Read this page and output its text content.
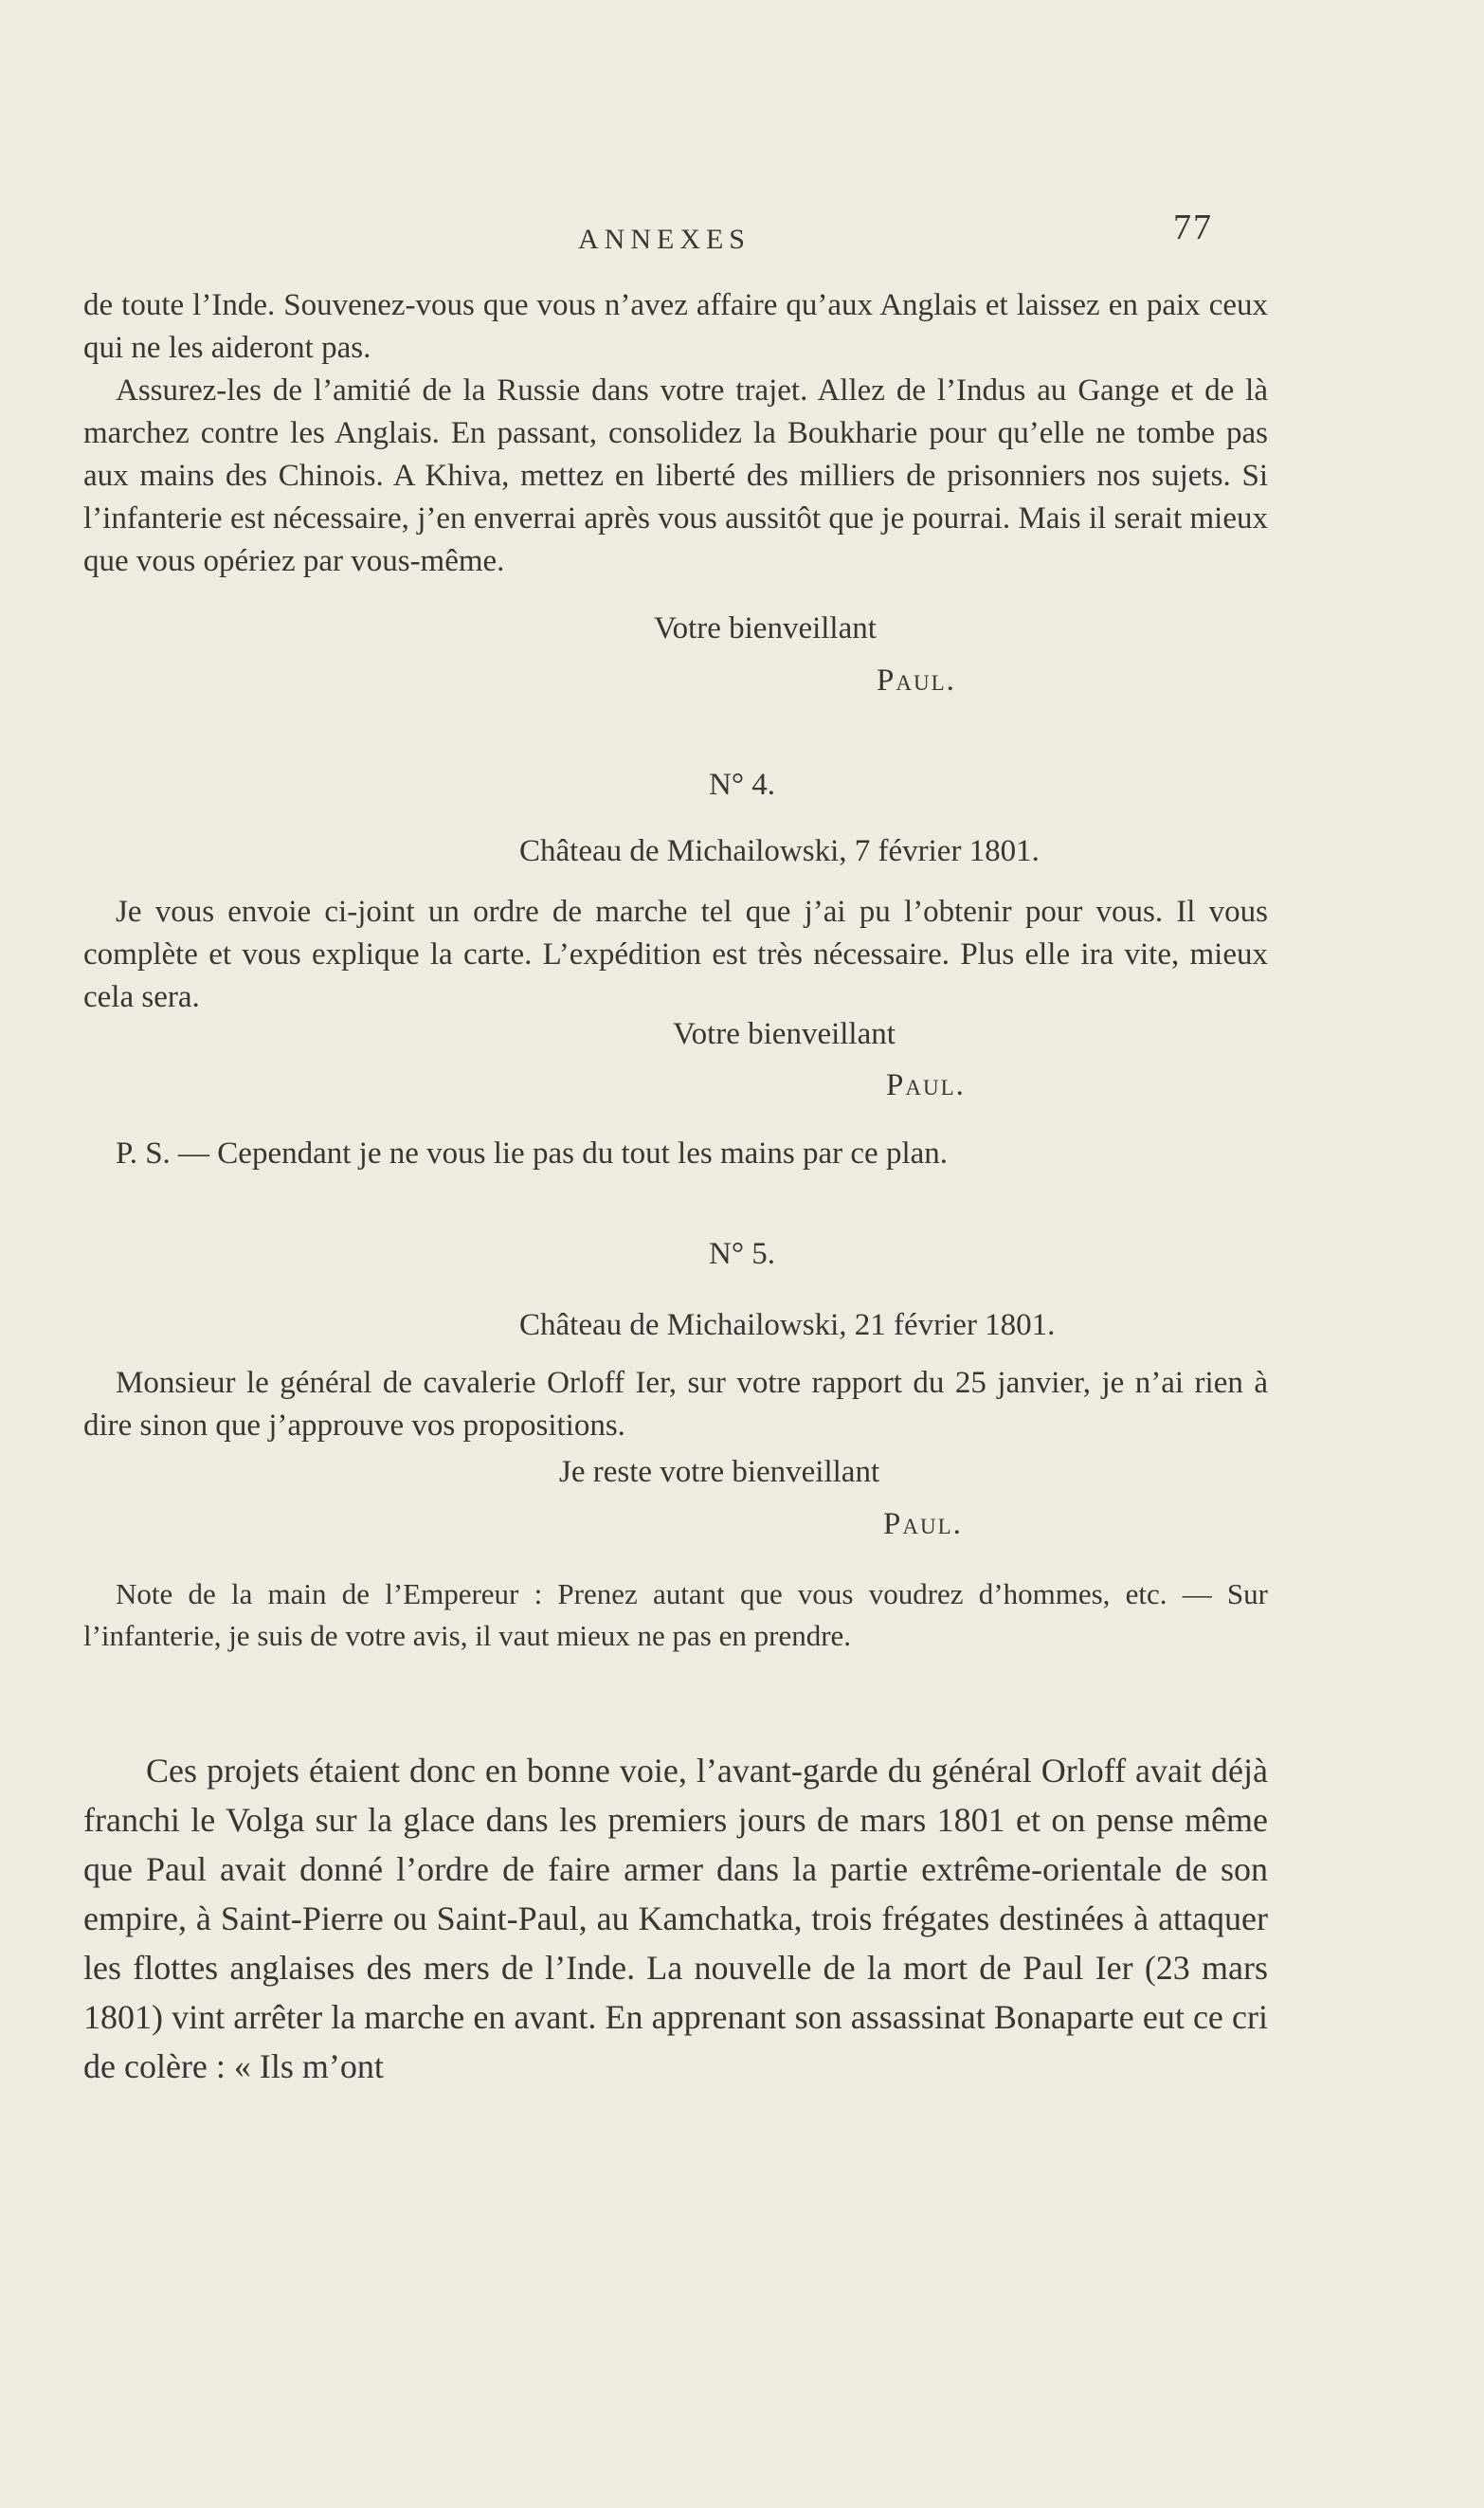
ANNEXES	77

de toute l’Inde. Souvenez-vous que vous n’avez affaire qu’aux Anglais et laissez en paix ceux qui ne les aideront pas.

Assurez-les de l’amitié de la Russie dans votre trajet. Allez de l’Indus au Gange et de là marchez contre les Anglais. En passant, consolidez la Boukharie pour qu’elle ne tombe pas aux mains des Chinois. A Khiva, mettez en liberté des milliers de prisonniers nos sujets. Si l’infanterie est nécessaire, j’en enverrai après vous aussitôt que je pourrai. Mais il serait mieux que vous opériez par vous-même.

Votre bienveillant
Paul.
N° 4.
Château de Michailowski, 7 février 1801.

Je vous envoie ci-joint un ordre de marche tel que j’ai pu l’obtenir pour vous. Il vous complète et vous explique la carte. L’expédition est très nécessaire. Plus elle ira vite, mieux cela sera.

Votre bienveillant
Paul.

P. S. — Cependant je ne vous lie pas du tout les mains par ce plan.

N° 5.
Château de Michailowski, 21 février 1801.

Monsieur le général de cavalerie Orloff Ier, sur votre rapport du 25 janvier, je n’ai rien à dire sinon que j’approuve vos propositions.

Je reste votre bienveillant
Paul.

Note de la main de l’Empereur : Prenez autant que vous voudrez d’hommes, etc. — Sur l’infanterie, je suis de votre avis, il vaut mieux ne pas en prendre.

Ces projets étaient donc en bonne voie, l’avant-garde du général Orloff avait déjà franchi le Volga sur la glace dans les premiers jours de mars 1801 et on pense même que Paul avait donné l’ordre de faire armer dans la partie extrême-orientale de son empire, à Saint-Pierre ou Saint-Paul, au Kamchatka, trois frégates destinées à attaquer les flottes anglaises des mers de l’Inde. La nouvelle de la mort de Paul Ier (23 mars 1801) vint arrêter la marche en avant. En apprenant son assassinat Bonaparte eut ce cri de colère : « Ils m’ont
